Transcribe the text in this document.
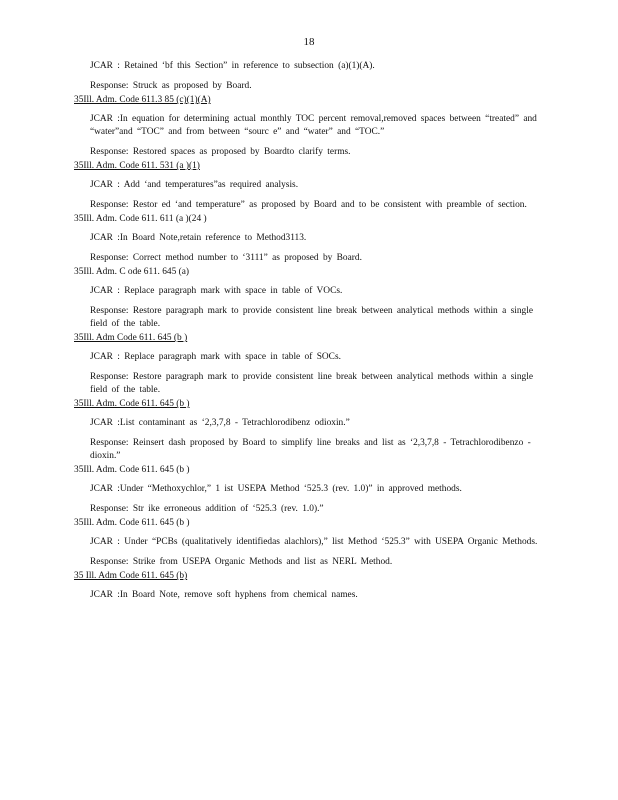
18

JCAR : Retained ‘bf this Section” in reference to subsection (a)(1)(A).

Response: Struck as proposed by Board.

35Ill. Adm. Code 611.3 85 (c)(1)(A)

JCAR :In equation for determining actual monthly TOC percent removal,removed spaces between “treated” and “water”and “TOC” and from between “sourc e” and “water” and “TOC.”

Response: Restored spaces as proposed by Boardto clarify terms.

35Ill. Adm. Code 611. 531 (a )(1)

JCAR : Add ‘and temperatures”as required analysis.

Response: Restor ed ‘and temperature” as proposed by Board and to be consistent with preamble of section.

35Ill. Adm. Code 611. 611 (a )(24 )

JCAR :In Board Note,retain reference to Method3113.

Response: Correct method number to ‘3111” as proposed by Board.

35Ill. Adm. C ode 611. 645 (a)

JCAR : Replace paragraph mark with space in table of VOCs.

Response: Restore paragraph mark to provide consistent line break between analytical methods within a single field of the table.

35Ill. Adm Code 611. 645 (b )

JCAR : Replace paragraph mark with space in table of SOCs.

Response: Restore paragraph mark to provide consistent line break between analytical methods within a single field of the table.

35Ill. Adm. Code 611. 645 (b )

JCAR :List contaminant as ‘2,3,7,8 - Tetrachlorodibenz odioxin.”

Response: Reinsert dash proposed by Board to simplify line breaks and list as ‘2,3,7,8 - Tetrachlorodibenzo -dioxin.”

35Ill. Adm. Code 611. 645 (b )

JCAR :Under “Methoxychlor,” 1 ist USEPA Method ‘525.3 (rev. 1.0)” in approved methods.

Response: Str ike erroneous addition of ‘525.3 (rev. 1.0).”

35Ill. Adm. Code 611. 645 (b )

JCAR : Under “PCBs (qualitatively identifiedas alachlors),” list Method ‘525.3” with USEPA Organic Methods.

Response: Strike from USEPA Organic Methods and list as NERL Method.

35 Ill. Adm Code 611. 645 (b)

JCAR :In Board Note, remove soft hyphens from chemical names.
